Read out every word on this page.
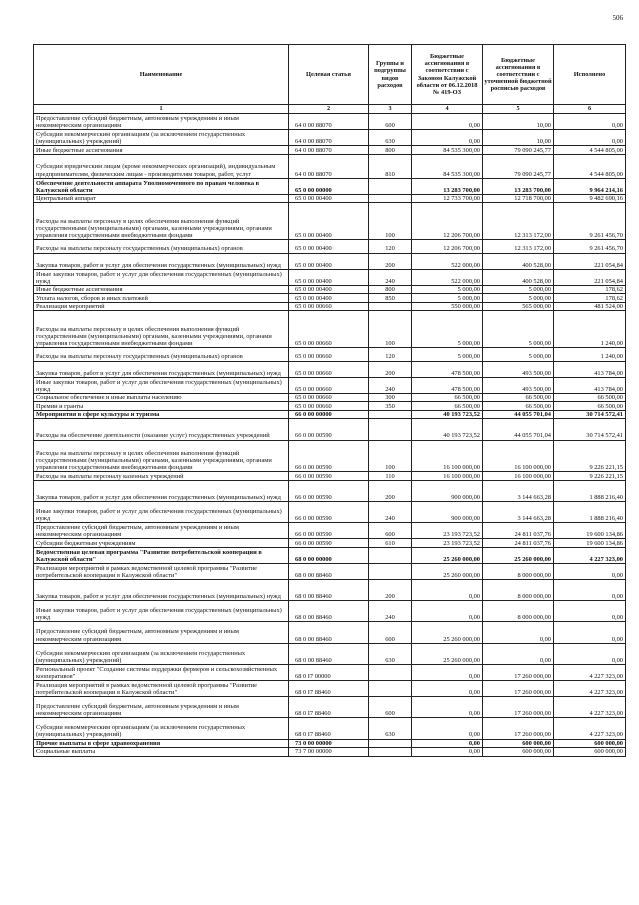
506
Наименование	Целевая статья	Группы и подгруппы видов расходов	Бюджетные ассигнования в соответствии с Законом Калужской области от 06.12.2018 № 419-ОЗ	Бюджетные ассигнования в соответствии с уточненной бюджетной росписью расходов	Исполнено
1	2	3	4	5	6
Предоставление субсидий бюджетным, автономным учреждениям и иным некоммерческим организациям	64 0 00 88070	600	0,00	10,00	0,00
Субсидии некоммерческим организациям (за исключением государственных (муниципальных) учреждений)	64 0 00 88070	630	0,00	10,00	0,00
Иные бюджетные ассигнования	64 0 00 88070	800	84 535 300,00	79 090 245,77	4 544 805,00
Субсидии юридическим лицам (кроме некоммерческих организаций), индивидуальным предпринимателям, физическим лицам - производителям товаров, работ, услуг	64 0 00 88070	810	84 535 300,00	79 090 245,77	4 544 805,00
Обеспечение деятельности аппарата Уполномоченного по правам человека в Калужской области	65 0 00 00000		13 283 700,00	13 283 700,00	9 964 214,16
Центральный аппарат	65 0 00 00400		12 733 700,00	12 718 700,00	9 482 690,16
Расходы на выплаты персоналу в целях обеспечения выполнения функций государственными (муниципальными) органами, казенными учреждениями, органами управления государственными внебюджетными фондами	65 0 00 00400	100	12 206 700,00	12 313 172,00	9 261 456,70
Расходы на выплаты персоналу государственных (муниципальных) органов	65 0 00 00400	120	12 206 700,00	12 313 172,00	9 261 456,70
Закупка товаров, работ и услуг для обеспечения государственных (муниципальных) нужд	65 0 00 00400	200	522 000,00	400 528,00	221 054,84
Иные закупки товаров, работ и услуг для обеспечения государственных (муниципальных) нужд	65 0 00 00400	240	522 000,00	400 528,00	221 054,84
Иные бюджетные ассигнования	65 0 00 00400	800	5 000,00	5 000,00	178,62
Уплата налогов, сборов и иных платежей	65 0 00 00400	850	5 000,00	5 000,00	178,62
Реализация мероприятий	65 0 00 00660		550 000,00	565 000,00	481 524,00
Расходы на выплаты персоналу в целях обеспечения выполнения функций государственными (муниципальными) органами, казенными учреждениями, органами управления государственными внебюджетными фондами	65 0 00 00660	100	5 000,00	5 000,00	1 240,00
Расходы на выплаты персоналу государственных (муниципальных) органов	65 0 00 00660	120	5 000,00	5 000,00	1 240,00
Закупка товаров, работ и услуг для обеспечения государственных (муниципальных) нужд	65 0 00 00660	200	478 500,00	493 500,00	413 784,00
Иные закупки товаров, работ и услуг для обеспечения государственных (муниципальных) нужд	65 0 00 00660	240	478 500,00	493 500,00	413 784,00
Социальное обеспечение и иные выплаты населению	65 0 00 00660	300	66 500,00	66 500,00	66 500,00
Премии и гранты	65 0 00 00660	350	66 500,00	66 500,00	66 500,00
Мероприятия в сфере культуры и туризма	66 0 00 00000		40 193 723,52	44 055 701,04	30 714 572,41
Расходы на обеспечение деятельности (оказание услуг) государственных учреждений	66 0 00 00590		40 193 723,52	44 055 701,04	30 714 572,41
Расходы на выплаты персоналу в целях обеспечения выполнения функций государственными (муниципальными) органами, казенными учреждениями, органами управления государственными внебюджетными фондами	66 0 00 00590	100	16 100 000,00	16 100 000,00	9 226 221,15
Расходы на выплаты персоналу казенных учреждений	66 0 00 00590	110	16 100 000,00	16 100 000,00	9 226 221,15
Закупка товаров, работ и услуг для обеспечения государственных (муниципальных) нужд	66 0 00 00590	200	900 000,00	3 144 663,28	1 888 216,40
Иные закупки товаров, работ и услуг для обеспечения государственных (муниципальных) нужд	66 0 00 00590	240	900 000,00	3 144 663,28	1 888 216,40
Предоставление субсидий бюджетным, автономным учреждениям и иным некоммерческим организациям	66 0 00 00590	600	23 193 723,52	24 811 037,76	19 600 134,86
Субсидии бюджетным учреждениям	66 0 00 00590	610	23 193 723,52	24 811 037,76	19 600 134,86
Ведомственная целевая программа "Развитие потребительской кооперации в Калужской области"	68 0 00 00000		25 260 000,00	25 260 000,00	4 227 323,00
Реализация мероприятий в рамках ведомственной целевой программы "Развитие потребительской кооперации в Калужской области"	68 0 00 88460		25 260 000,00	8 000 000,00	0,00
Закупка товаров, работ и услуг для обеспечения государственных (муниципальных) нужд	68 0 00 88460	200	0,00	8 000 000,00	0,00
Иные закупки товаров, работ и услуг для обеспечения государственных (муниципальных) нужд	68 0 00 88460	240	0,00	8 000 000,00	0,00
Предоставление субсидий бюджетным, автономным учреждениям и иным некоммерческим организациям	68 0 00 88460	600	25 260 000,00	0,00	0,00
Субсидии некоммерческим организациям (за исключением государственных (муниципальных) учреждений)	68 0 00 88460	630	25 260 000,00	0,00	0,00
Региональный проект "Создание системы поддержки фермеров и сельскохозяйственных кооперативов"	68 0 I7 00000		0,00	17 260 000,00	4 227 323,00
Реализация мероприятий в рамках ведомственной целевой программы "Развитие потребительской кооперации в Калужской области"	68 0 I7 88460		0,00	17 260 000,00	4 227 323,00
Предоставление субсидий бюджетным, автономным учреждениям и иным некоммерческим организациям	68 0 I7 88460	600	0,00	17 260 000,00	4 227 323,00
Субсидии некоммерческим организациям (за исключением государственных (муниципальных) учреждений)	68 0 I7 88460	630	0,00	17 260 000,00	4 227 323,00
Прочие выплаты в сфере здравоохранения	73 0 00 00000		0,00	600 000,00	600 000,00
Социальные выплаты	73 7 00 00000		0,00	600 000,00	600 000,00
